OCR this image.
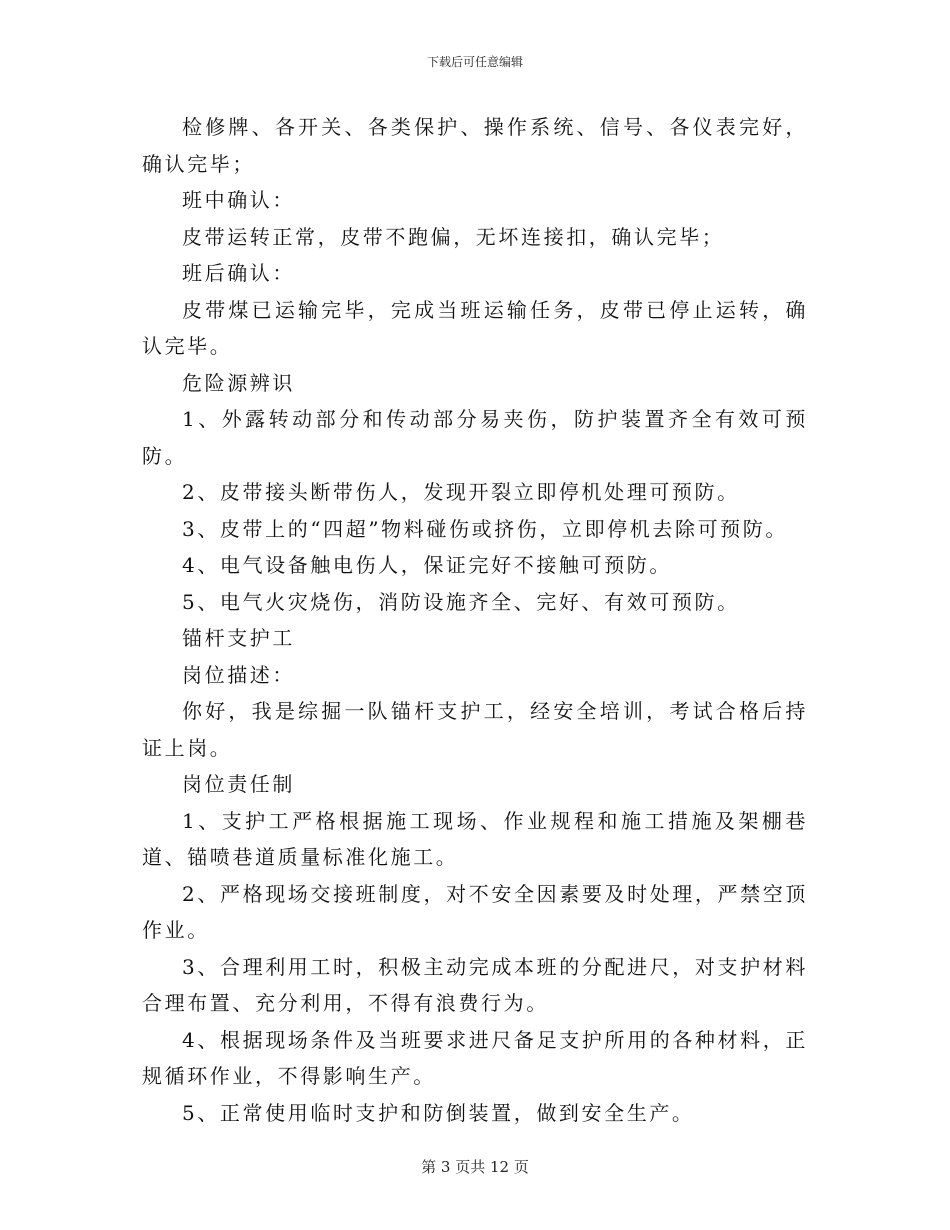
下载后可任意编辑

检修牌、各开关、各类保护、操作系统、信号、各仪表完好，确认完毕；

班中确认：

皮带运转正常，皮带不跑偏，无坏连接扣，确认完毕；

班后确认：

皮带煤已运输完毕，完成当班运输任务，皮带已停止运转，确认完毕。

危险源辨识

1、外露转动部分和传动部分易夹伤，防护装置齐全有效可预防。

2、皮带接头断带伤人，发现开裂立即停机处理可预防。

3、皮带上的“四超”物料碰伤或挤伤，立即停机去除可预防。

4、电气设备触电伤人，保证完好不接触可预防。

5、电气火灾烧伤，消防设施齐全、完好、有效可预防。

锚杆支护工

岗位描述：

你好，我是综掘一队锚杆支护工，经安全培训，考试合格后持证上岗。

岗位责任制

1、支护工严格根据施工现场、作业规程和施工措施及架棚巷道、锚喷巷道质量标准化施工。

2、严格现场交接班制度，对不安全因素要及时处理，严禁空顶作业。

3、合理利用工时，积极主动完成本班的分配进尺，对支护材料合理布置、充分利用，不得有浪费行为。

4、根据现场条件及当班要求进尺备足支护所用的各种材料，正规循环作业，不得影响生产。

5、正常使用临时支护和防倒装置，做到安全生产。

第 3 页共 12 页
